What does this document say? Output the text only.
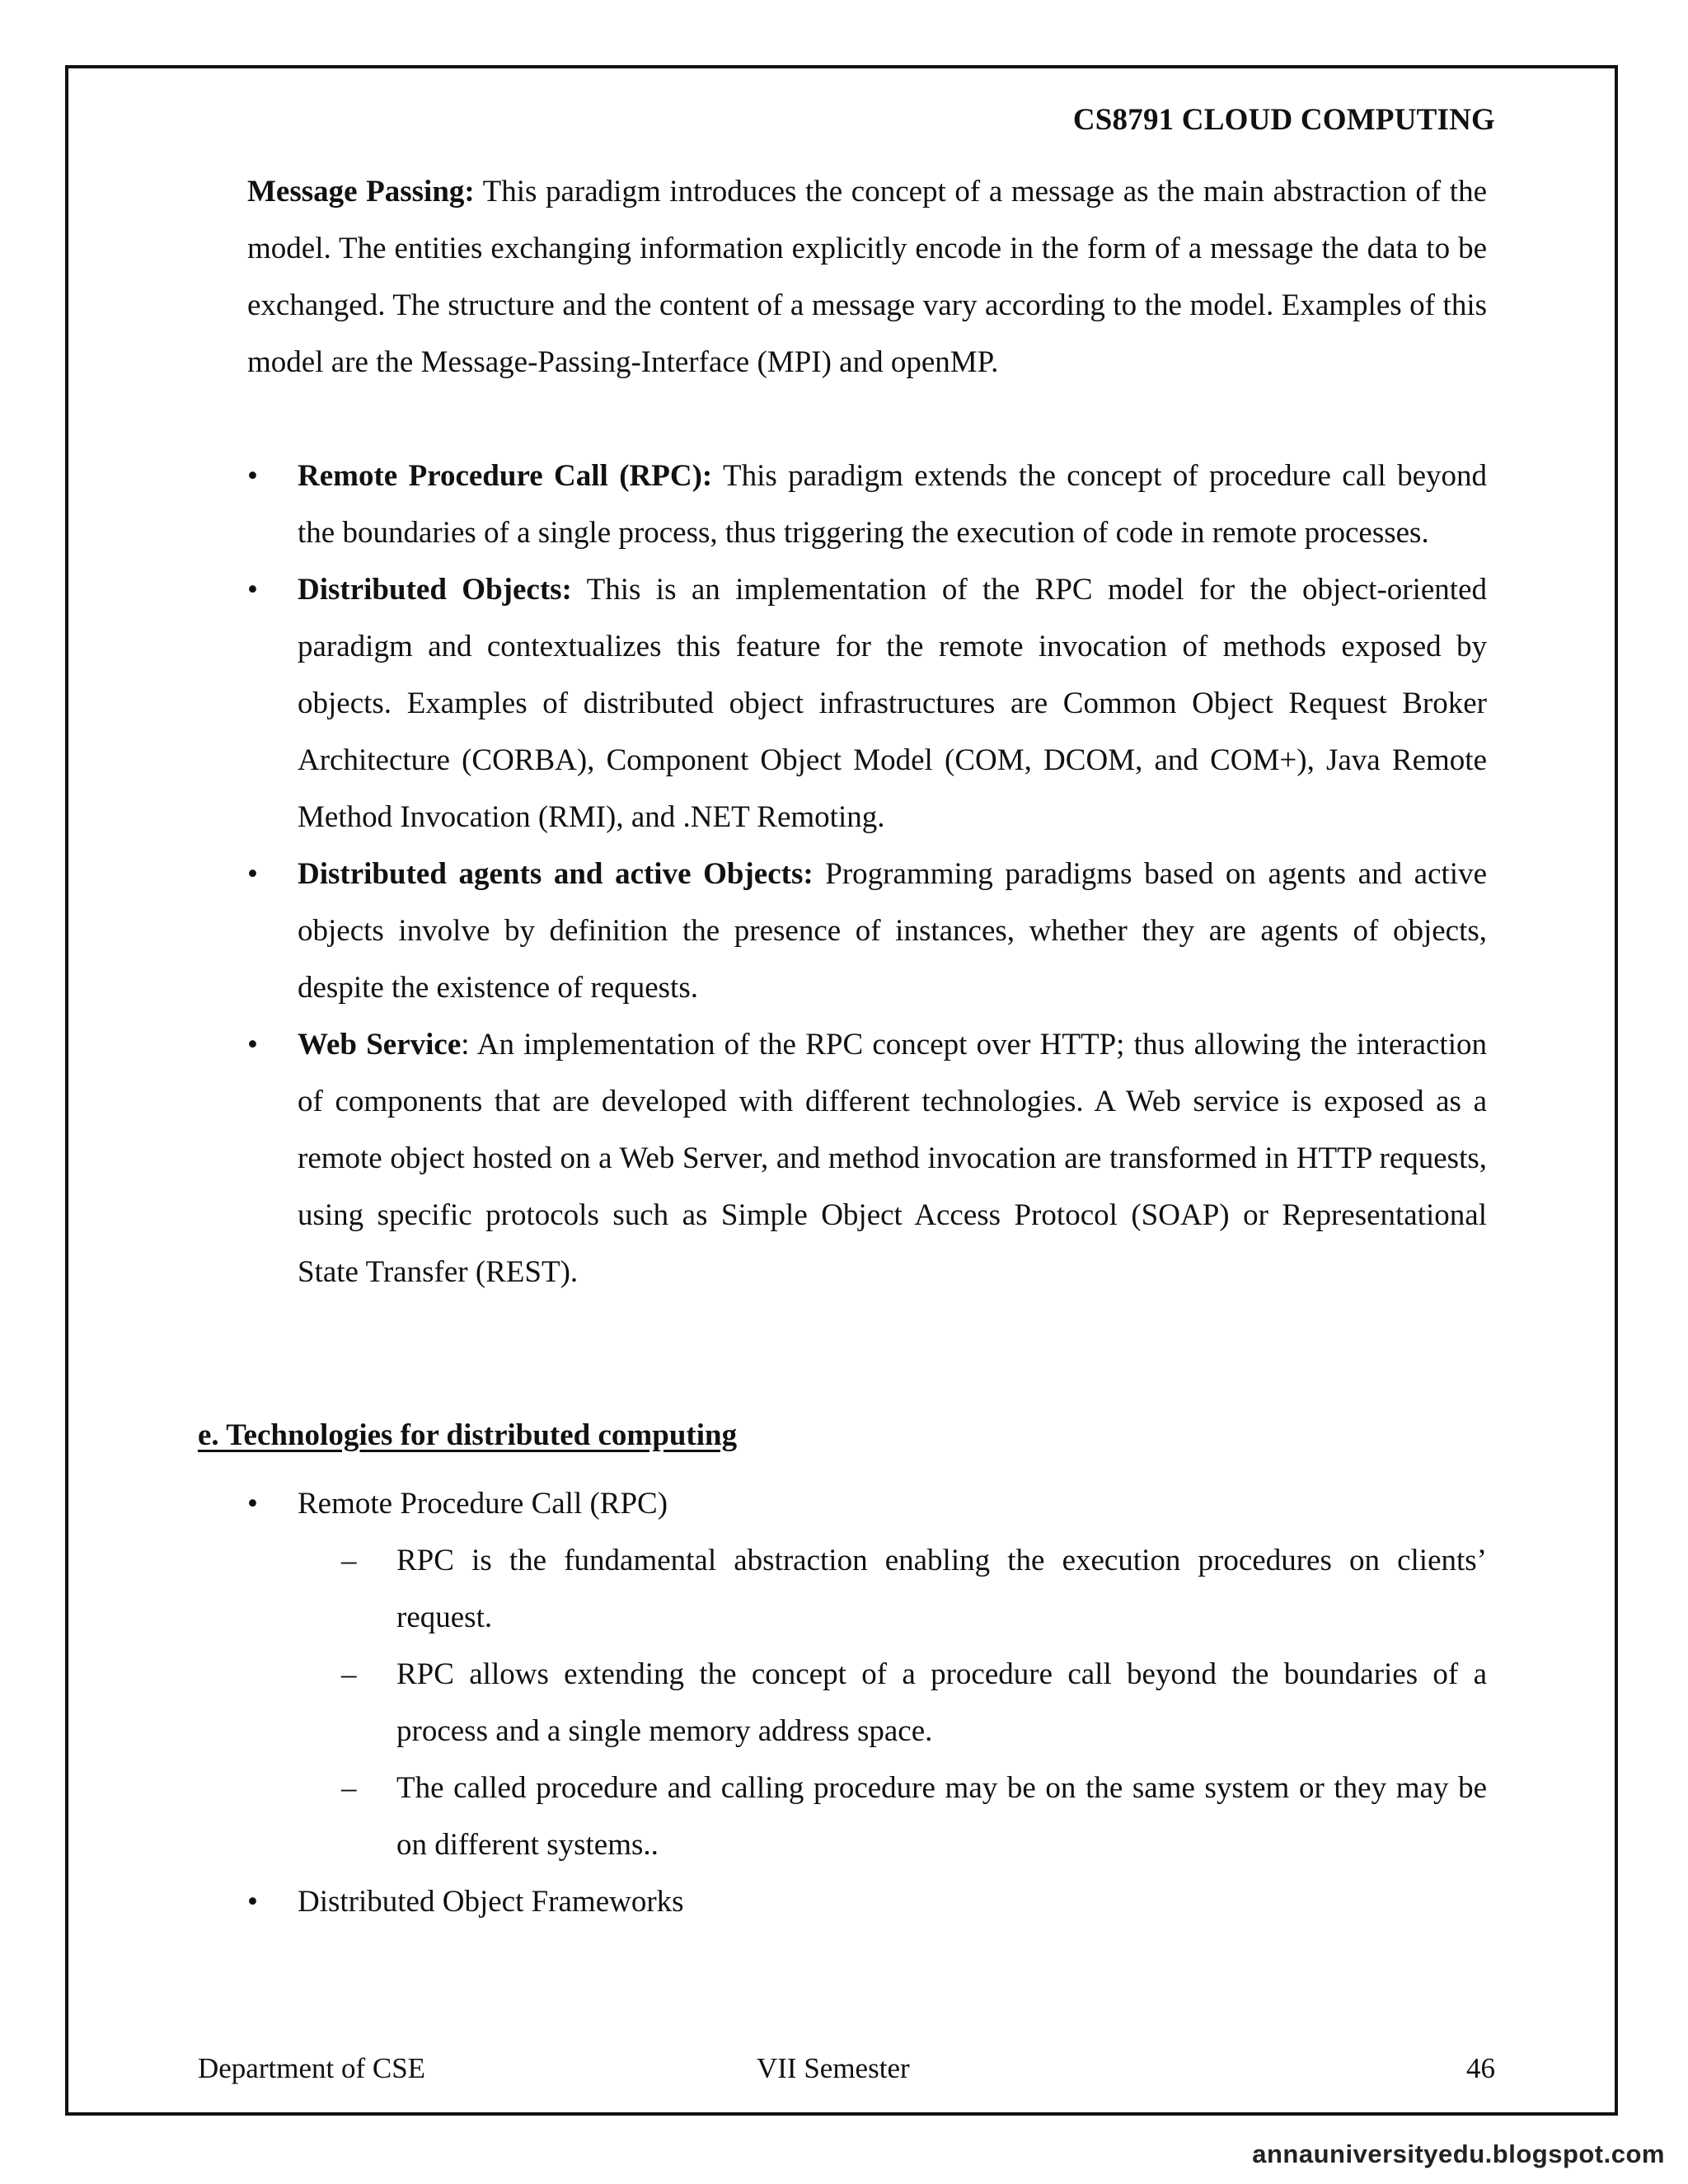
CS8791 CLOUD COMPUTING

Message Passing: This paradigm introduces the concept of a message as the main abstraction of the model. The entities exchanging information explicitly encode in the form of a message the data to be exchanged. The structure and the content of a message vary according to the model. Examples of this model are the Message-Passing-Interface (MPI) and openMP.

• Remote Procedure Call (RPC): This paradigm extends the concept of procedure call beyond the boundaries of a single process, thus triggering the execution of code in remote processes.
• Distributed Objects: This is an implementation of the RPC model for the object-oriented paradigm and contextualizes this feature for the remote invocation of methods exposed by objects. Examples of distributed object infrastructures are Common Object Request Broker Architecture (CORBA), Component Object Model (COM, DCOM, and COM+), Java Remote Method Invocation (RMI), and .NET Remoting.
• Distributed agents and active Objects: Programming paradigms based on agents and active objects involve by definition the presence of instances, whether they are agents of objects, despite the existence of requests.
• Web Service: An implementation of the RPC concept over HTTP; thus allowing the interaction of components that are developed with different technologies. A Web service is exposed as a remote object hosted on a Web Server, and method invocation are transformed in HTTP requests, using specific protocols such as Simple Object Access Protocol (SOAP) or Representational State Transfer (REST).
e. Technologies for distributed computing
• Remote Procedure Call (RPC)
– RPC is the fundamental abstraction enabling the execution procedures on clients’ request.
– RPC allows extending the concept of a procedure call beyond the boundaries of a process and a single memory address space.
– The called procedure and calling procedure may be on the same system or they may be on different systems..
• Distributed Object Frameworks
Department of CSE	VII Semester	46
annauniversityedu.blogspot.com
